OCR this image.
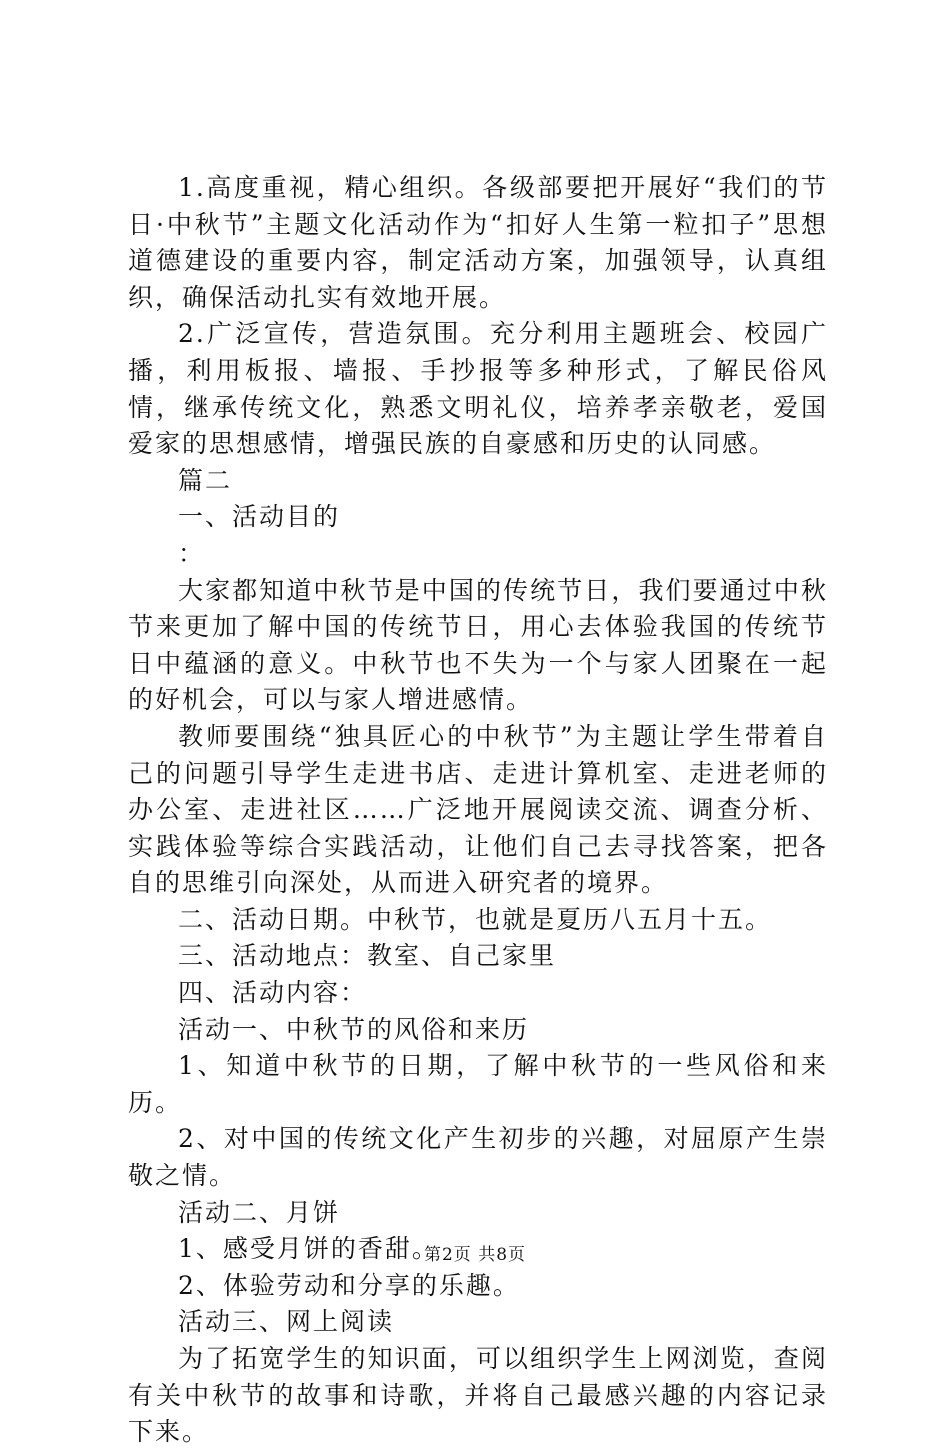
1.高度重视，精心组织。各级部要把开展好“我们的节日·中秋节”主题文化活动作为“扣好人生第一粒扣子”思想道德建设的重要内容，制定活动方案，加强领导，认真组织，确保活动扎实有效地开展。

2.广泛宣传，营造氛围。充分利用主题班会、校园广播，利用板报、墙报、手抄报等多种形式，了解民俗风情，继承传统文化，熟悉文明礼仪，培养孝亲敬老，爱国爱家的思想感情，增强民族的自豪感和历史的认同感。

篇二

一、活动目的

：

大家都知道中秋节是中国的传统节日，我们要通过中秋节来更加了解中国的传统节日，用心去体验我国的传统节日中蕴涵的意义。中秋节也不失为一个与家人团聚在一起的好机会，可以与家人增进感情。

教师要围绕“独具匠心的中秋节”为主题让学生带着自己的问题引导学生走进书店、走进计算机室、走进老师的办公室、走进社区……广泛地开展阅读交流、调查分析、实践体验等综合实践活动，让他们自己去寻找答案，把各自的思维引向深处，从而进入研究者的境界。

二、活动日期。中秋节，也就是夏历八五月十五。

三、活动地点：教室、自己家里

四、活动内容：

活动一、中秋节的风俗和来历

1、知道中秋节的日期，了解中秋节的一些风俗和来历。

2、对中国的传统文化产生初步的兴趣，对屈原产生崇敬之情。

活动二、月饼

1、感受月饼的香甜。

2、体验劳动和分享的乐趣。

活动三、网上阅读

为了拓宽学生的知识面，可以组织学生上网浏览，查阅有关中秋节的故事和诗歌，并将自己最感兴趣的内容记录下来。

第2页 共8页
